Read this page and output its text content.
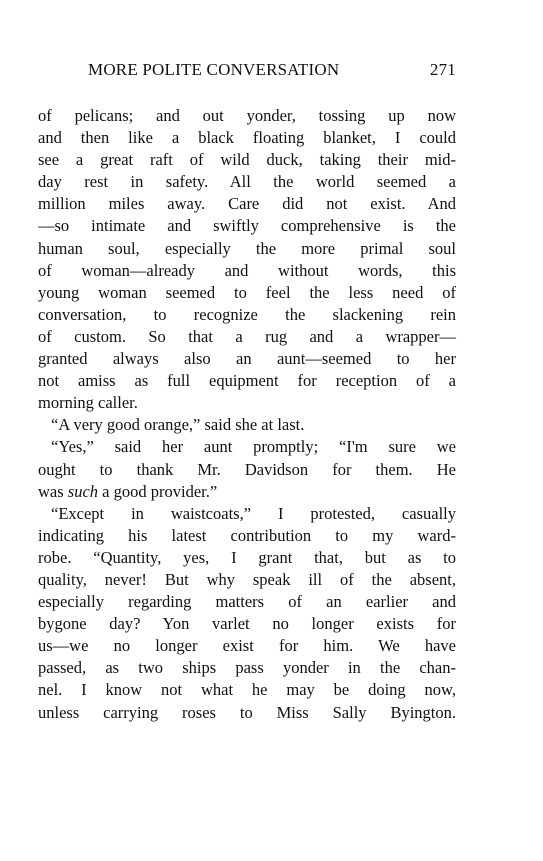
MORE POLITE CONVERSATION	271
of pelicans; and out yonder, tossing up now
and then like a black floating blanket, I could
see a great raft of wild duck, taking their mid-
day rest in safety. All the world seemed a
million miles away. Care did not exist. And
—so intimate and swiftly comprehensive is the
human soul, especially the more primal soul
of woman—already and without words, this
young woman seemed to feel the less need of
conversation, to recognize the slackening rein
of custom. So that a rug and a wrapper—
granted always also an aunt—seemed to her
not amiss as full equipment for reception of a
morning caller.
“A very good orange,” said she at last.
“Yes,” said her aunt promptly; “I'm sure we
ought to thank Mr. Davidson for them. He
was such a good provider.”
“Except in waistcoats,” I protested, casually
indicating his latest contribution to my ward-
robe. “Quantity, yes, I grant that, but as to
quality, never! But why speak ill of the absent,
especially regarding matters of an earlier and
bygone day? Yon varlet no longer exists for
us—we no longer exist for him. We have
passed, as two ships pass yonder in the chan-
nel. I know not what he may be doing now,
unless carrying roses to Miss Sally Byington.
